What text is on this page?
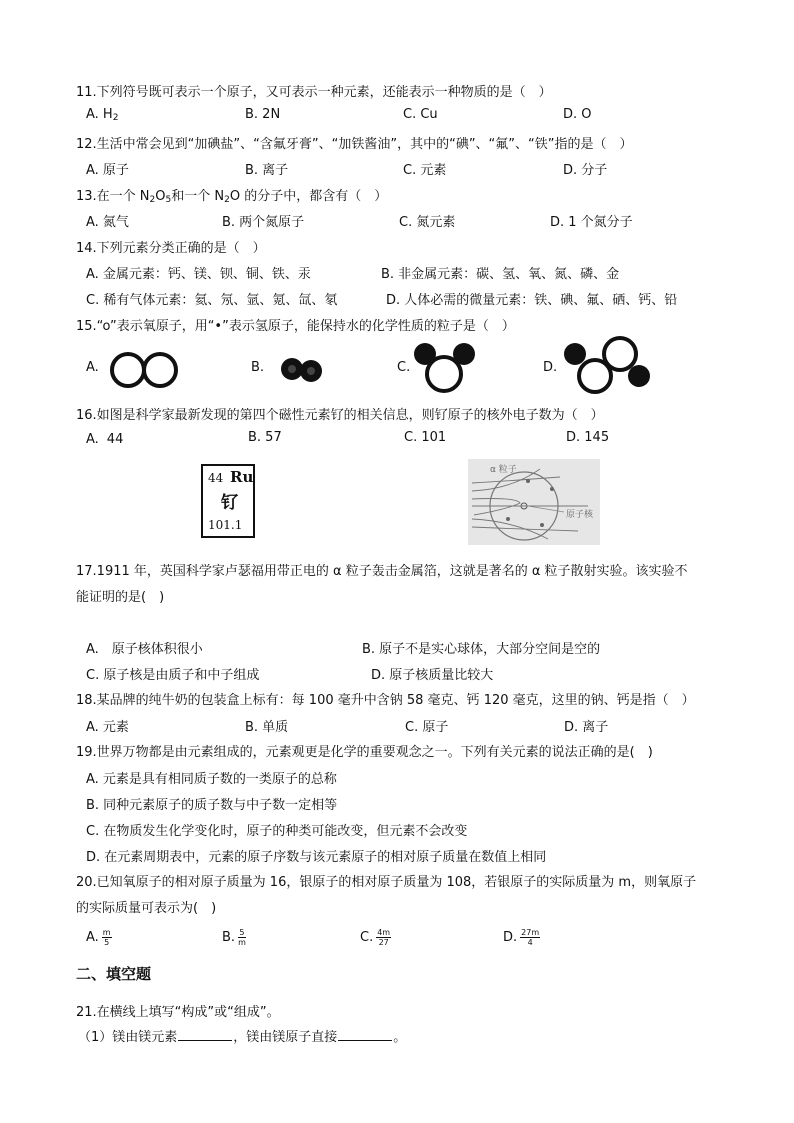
11.下列符号既可表示一个原子，又可表示一种元素，还能表示一种物质的是（　）
A. $H_2$	B. 2N	C. Cu	D. O
12.生活中常会见到“加碘盐”、“含氟牙膏”、“加铁酱油”，其中的“碘”、“氟”、“铁”指的是（　）
A. 原子	B. 离子	C. 元素	D. 分子
13.在一个 $N_2O_5$和一个 $N_2O$ 的分子中，都含有（　）
A. 氮气	B. 两个氮原子	C. 氮元素	D. 1 个氮分子
14.下列元素分类正确的是（　）
A. 金属元素：钙、镁、钡、铜、铁、汞	B. 非金属元素：碳、氢、氧、氮、磷、金
C. 稀有气体元素：氦、氖、氩、氪、氙、氡	D. 人体必需的微量元素：铁、碘、氟、硒、钙、铅
15.“o”表示氧原子，用“•”表示氢原子，能保持水的化学性质的粒子是（　）
A.	B.	C.	D.
16.如图是科学家最新发现的第四个磁性元素钌的相关信息，则钌原子的核外电子数为（　）
A. 44	B. 57	C. 101	D. 145
44 Ru
钌
101.1
α 粒子
原子核
17.1911 年，英国科学家卢瑟福用带正电的 α 粒子轰击金属箔，这就是著名的 α 粒子散射实验。该实验不
能证明的是(　)
A.　原子核体积很小	B. 原子不是实心球体，大部分空间是空的
C. 原子核是由质子和中子组成	D. 原子核质量比较大
18.某品牌的纯牛奶的包装盒上标有：每 100 毫升中含钠 58 毫克、钙 120 毫克，这里的钠、钙是指（　）
A. 元素	B. 单质	C. 原子	D. 离子
19.世界万物都是由元素组成的，元素观更是化学的重要观念之一。下列有关元素的说法正确的是(　)
A. 元素是具有相同质子数的一类原子的总称
B. 同种元素原子的质子数与中子数一定相等
C. 在物质发生化学变化时，原子的种类可能改变，但元素不会改变
D. 在元素周期表中，元素的原子序数与该元素原子的相对原子质量在数值上相同
20.已知氧原子的相对原子质量为 16，银原子的相对原子质量为 108，若银原子的实际质量为 m，则氧原子
的实际质量可表示为(　)
A. $\frac{m}{5}$	B. $\frac{5}{m}$	C. $\frac{4m}{27}$	D. $\frac{27m}{4}$
二、填空题
21.在横线上填写“构成”或“组成”。
（1）镁由镁元素	，镁由镁原子直接	。
